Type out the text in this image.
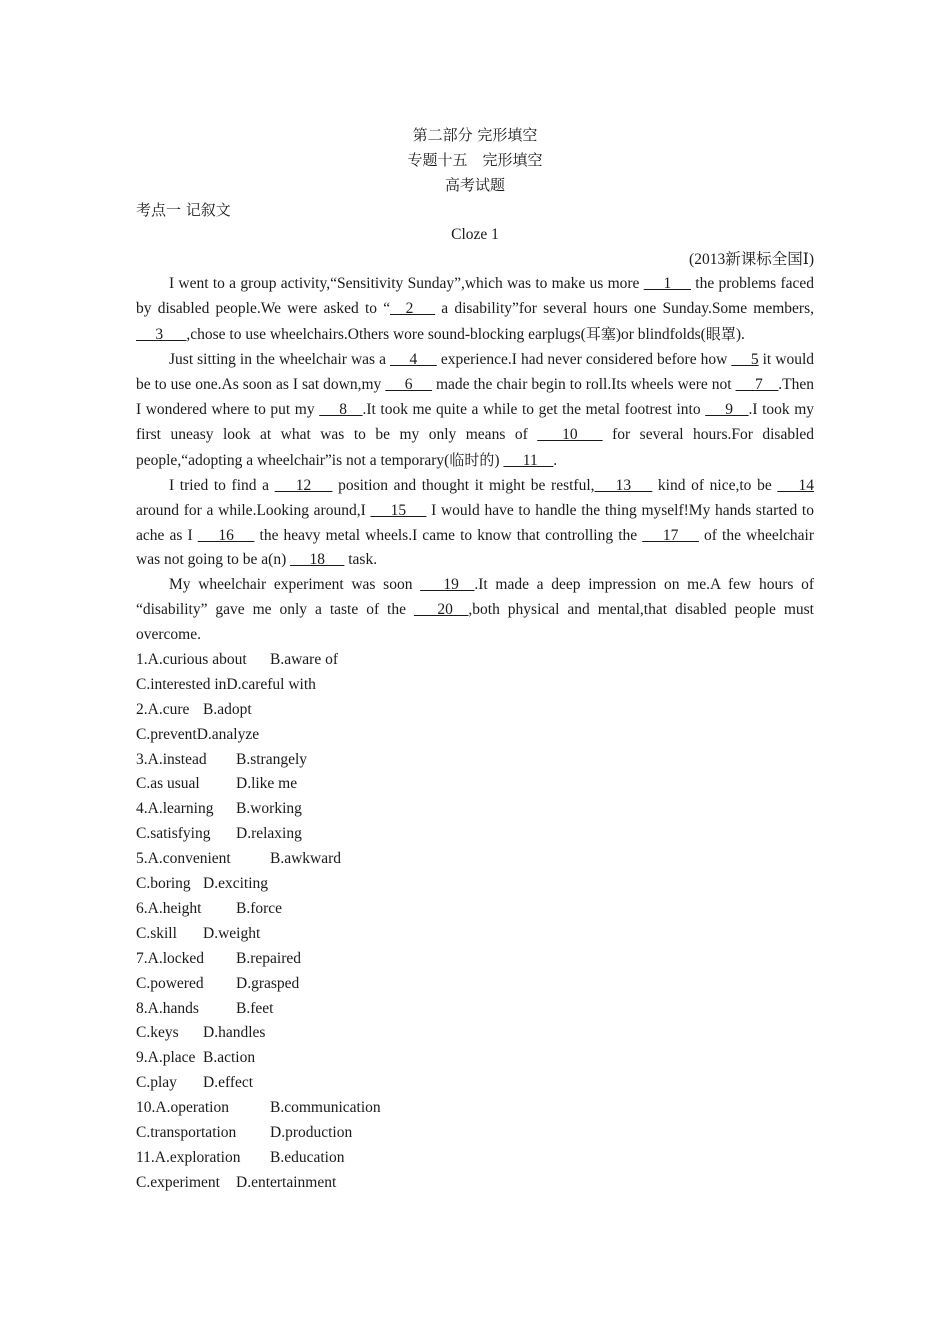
第二部分 完形填空
专题十五　完形填空
高考试题
考点一 记叙文
Cloze 1
(2013新课标全国Ⅰ)

I went to a group activity,“Sensitivity Sunday”,which was to make us more  __1__  the problems faced by disabled people.We were asked to “__2__  a disability”for several hours one Sunday.Some members,  __3___,chose to use wheelchairs.Others wore sound-blocking earplugs(耳塞)or blindfolds(眼罩).

Just sitting in the wheelchair was a  __4__  experience.I had never considered before how  __5 it would be to use one.As soon as I sat down,my  __6__  made the chair begin to roll.Its wheels were not  __7__.Then I wondered where to put my  __8__.It took me quite a while to get the metal footrest into  __9__.I took my first uneasy look at what was to be my only means of  __10__  for several hours.For disabled people,“adopting a wheelchair”is not a temporary(临时的)  __11__.

I tried to find a  __12__  position and thought it might be restful, __13__  kind of nice,to be  __14 around for a while.Looking around,I  __15__  I would have to handle the thing myself!My hands started to ache as I  __16__  the heavy metal wheels.I came to know that controlling the  __17__  of the wheelchair was not going to be a(n)  __18__  task.

My wheelchair experiment was soon  __19__.It made a deep impression on me.A few hours of “disability” gave me only a taste of the  __20__,both physical and mental,that disabled people must overcome.

1.A.curious about B.aware of
C.interested inD.careful with
2.A.cure B.adopt
C.preventD.analyze
3.A.instead B.strangely
C.as usual D.like me
4.A.learning B.working
C.satisfying D.relaxing
5.A.convenient	B.awkward
C.boring D.exciting
6.A.height B.force
C.skill D.weight
7.A.locked B.repaired
C.powered D.grasped
8.A.hands B.feet
C.keys D.handles
9.A.place B.action
C.play D.effect
10.A.operation	B.communication
C.transportation D.production
11.A.exploration B.education
C.experiment D.entertainment
